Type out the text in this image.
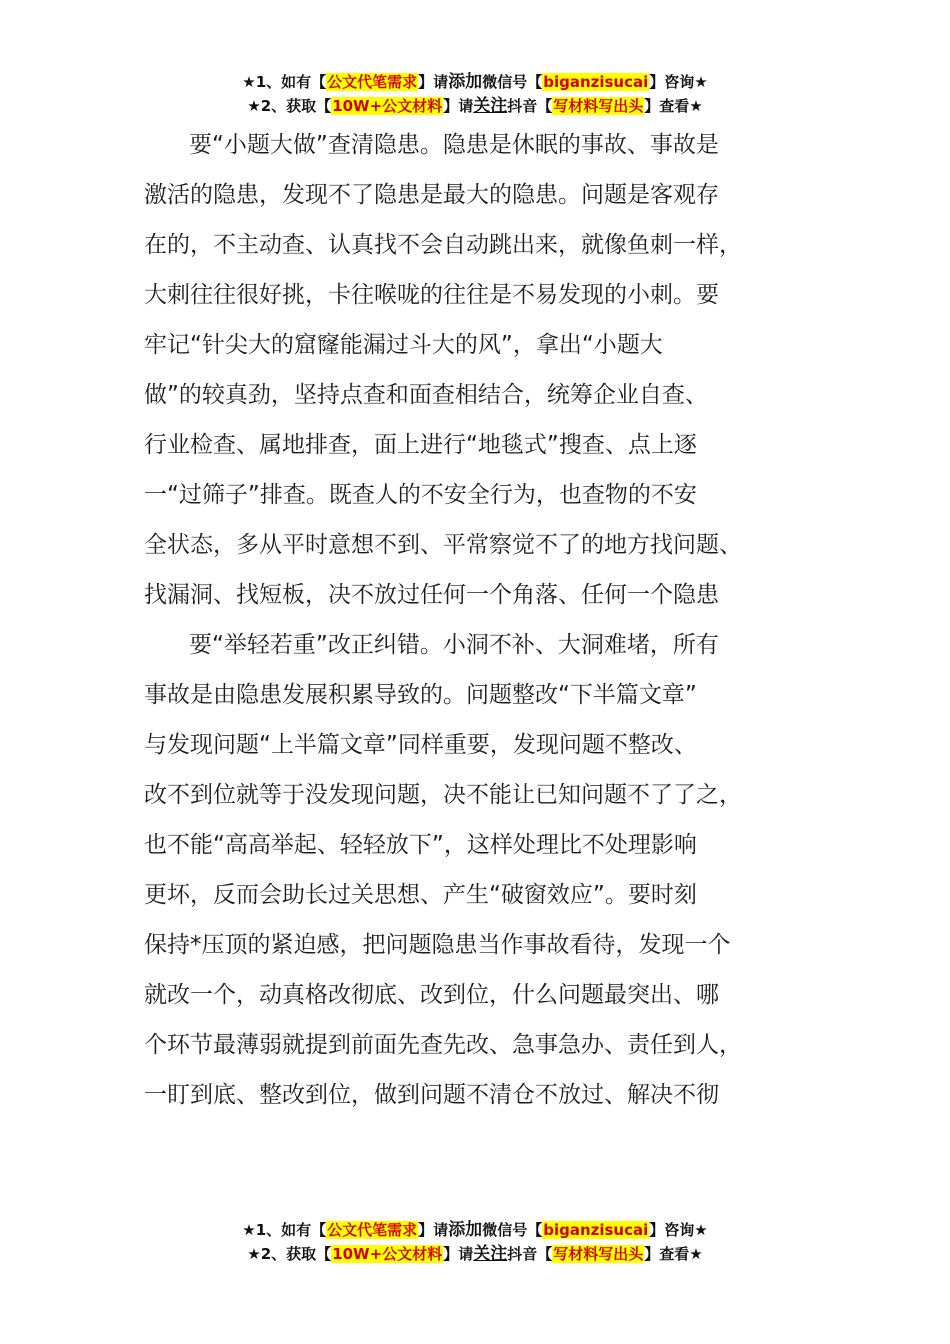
★1、如有【公文代笔需求】请添加微信号【biganzisucai】咨询★
★2、获取【10W+公文材料】请关注抖音【写材料写出头】查看★
要“小题大做”查清隐患。隐患是休眠的事故、事故是
激活的隐患，发现不了隐患是最大的隐患。问题是客观存
在的，不主动查、认真找不会自动跳出来，就像鱼刺一样，
大刺往往很好挑，卡往喉咙的往往是不易发现的小刺。要
牢记“针尖大的窟窿能漏过斗大的风”，拿出“小题大
做”的较真劲，坚持点查和面查相结合，统筹企业自查、
行业检查、属地排查，面上进行“地毯式”搜查、点上逐
一“过筛子”排查。既查人的不安全行为，也查物的不安
全状态，多从平时意想不到、平常察觉不了的地方找问题、
找漏洞、找短板，决不放过任何一个角落、任何一个隐患
要“举轻若重”改正纠错。小洞不补、大洞难堵，所有
事故是由隐患发展积累导致的。问题整改“下半篇文章”
与发现问题“上半篇文章”同样重要，发现问题不整改、
改不到位就等于没发现问题，决不能让已知问题不了了之，
也不能“高高举起、轻轻放下”，这样处理比不处理影响
更坏，反而会助长过关思想、产生“破窗效应”。要时刻
保持*压顶的紧迫感，把问题隐患当作事故看待，发现一个
就改一个，动真格改彻底、改到位，什么问题最突出、哪
个环节最薄弱就提到前面先查先改、急事急办、责任到人，
一盯到底、整改到位，做到问题不清仓不放过、解决不彻
★1、如有【公文代笔需求】请添加微信号【biganzisucai】咨询★
★2、获取【10W+公文材料】请关注抖音【写材料写出头】查看★
